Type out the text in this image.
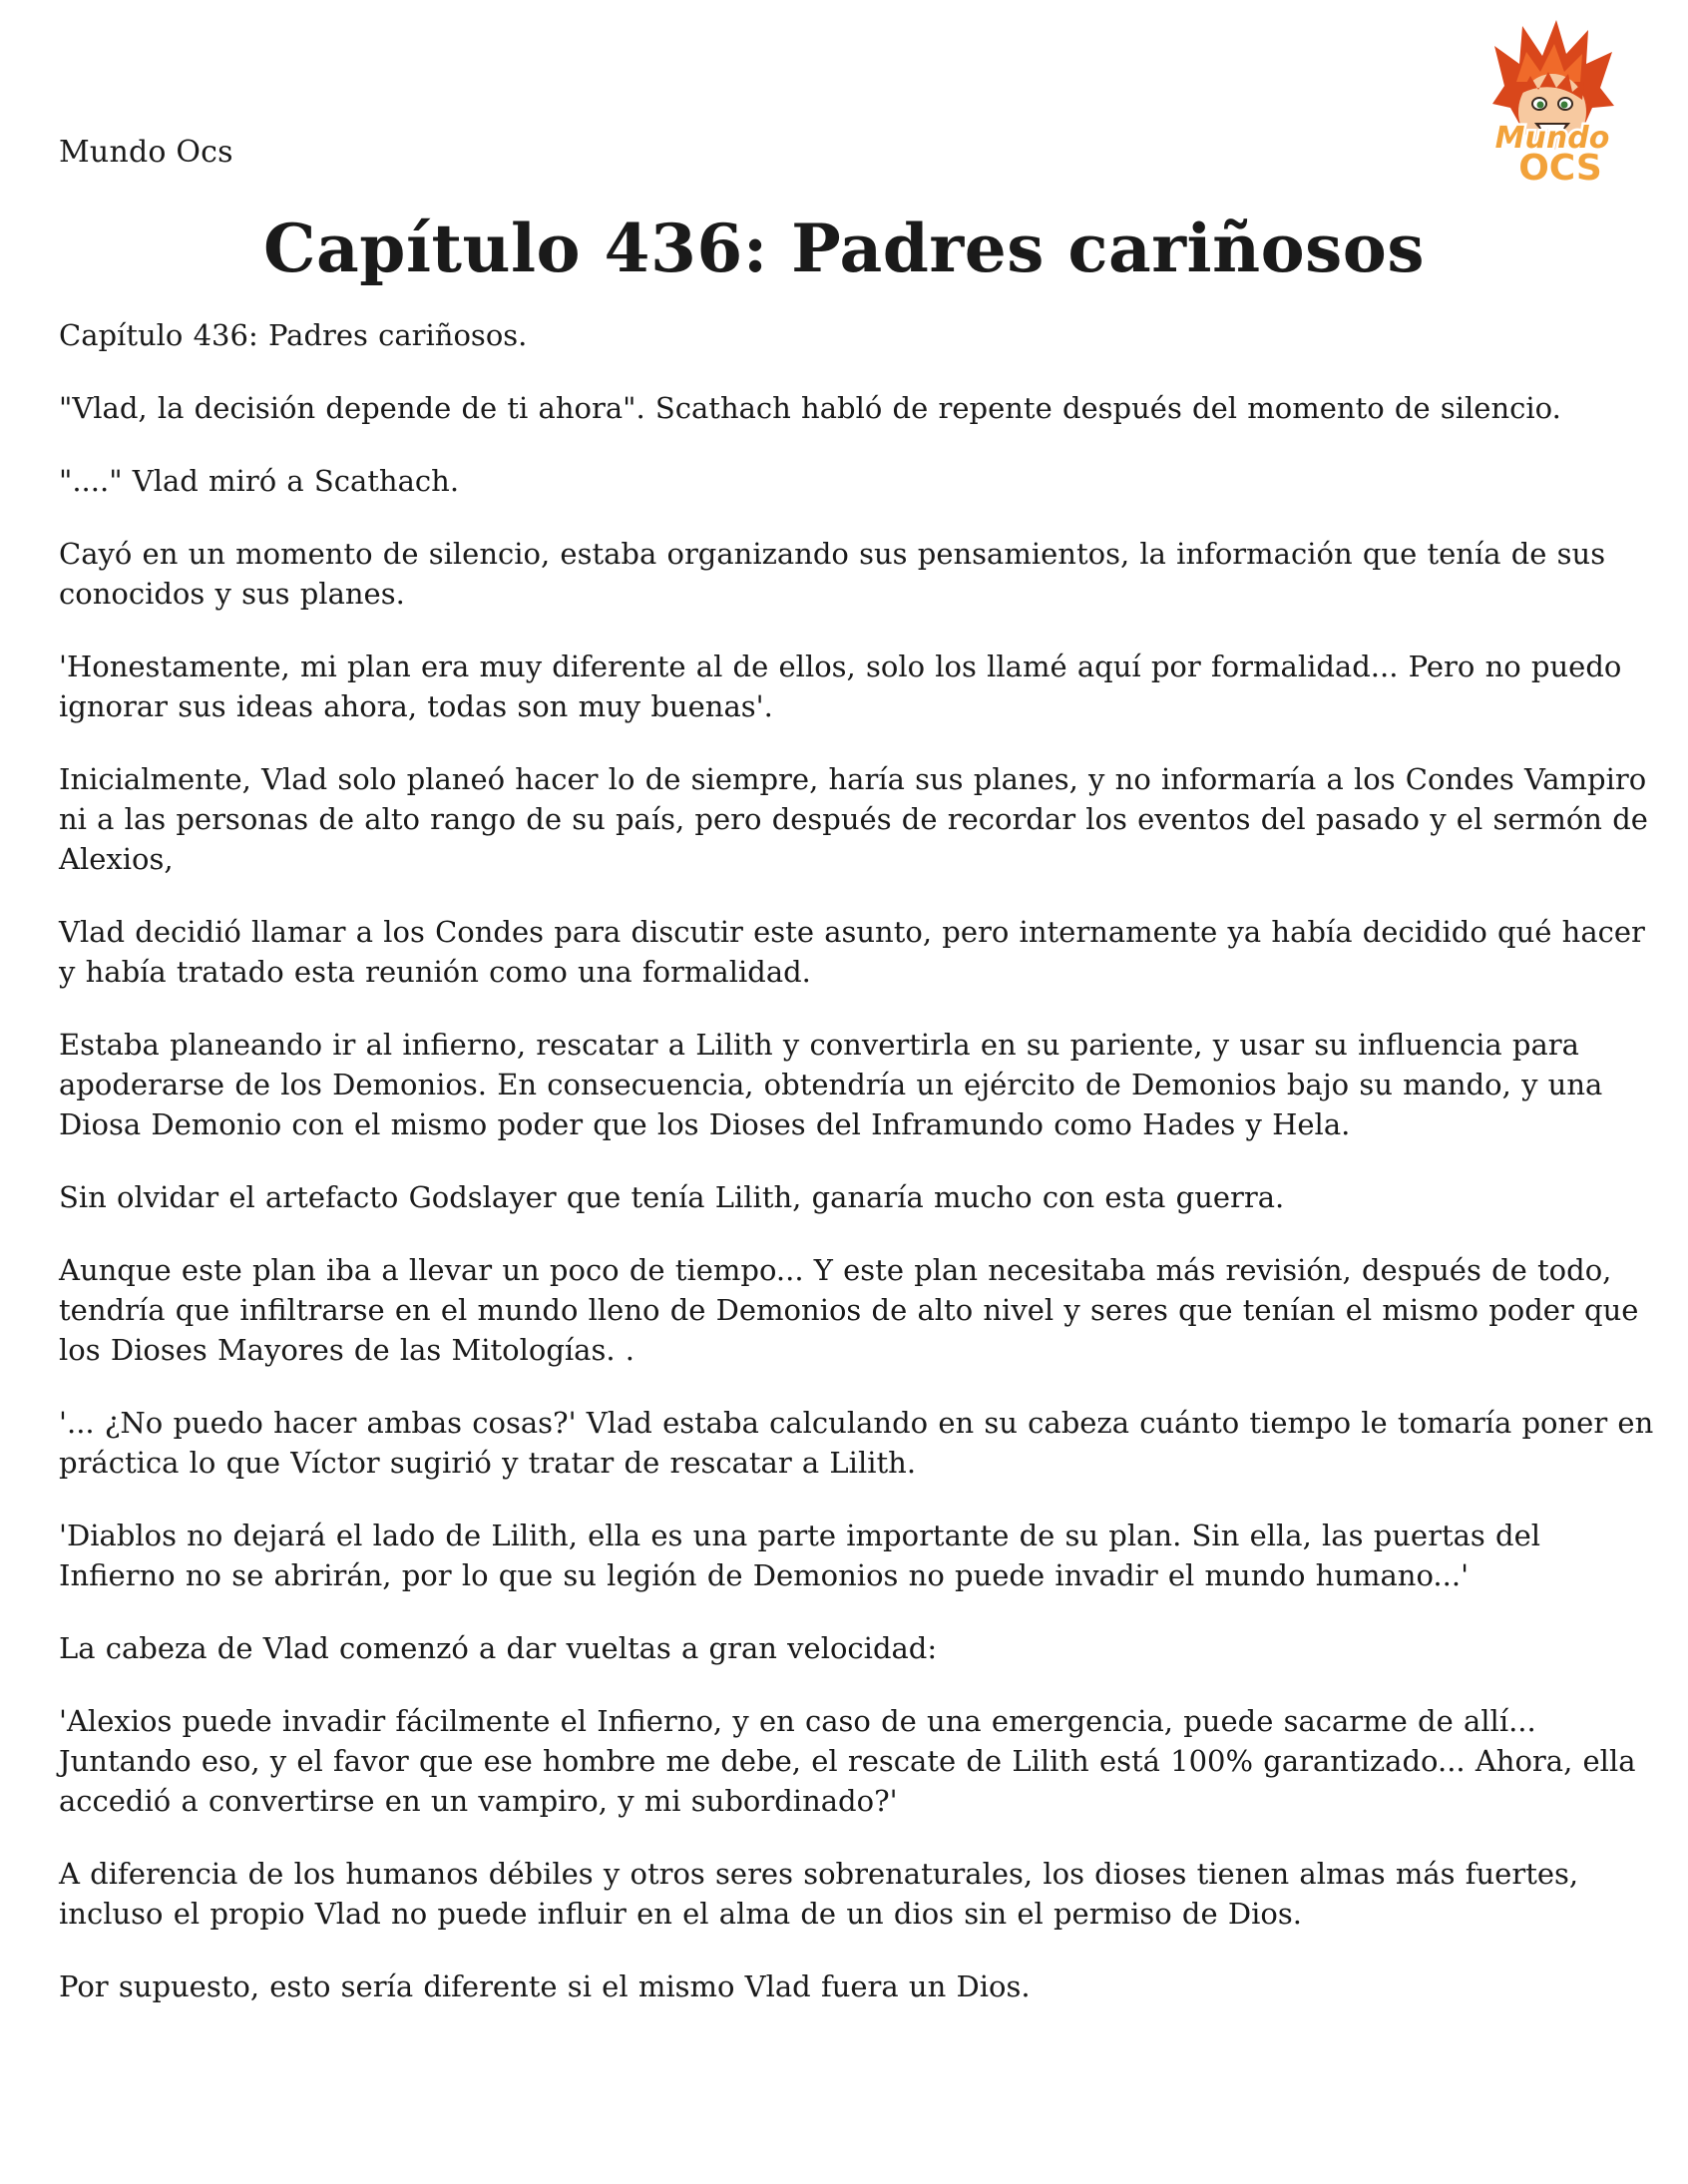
Mundo Ocs	Mundo
OCS
Capítulo 436: Padres cariñosos

Capítulo 436: Padres cariñosos.

"Vlad, la decisión depende de ti ahora". Scathach habló de repente después del momento de silencio.

"...." Vlad miró a Scathach.

Cayó en un momento de silencio, estaba organizando sus pensamientos, la información que tenía de sus conocidos y sus planes.

'Honestamente, mi plan era muy diferente al de ellos, solo los llamé aquí por formalidad... Pero no puedo ignorar sus ideas ahora, todas son muy buenas'.

Inicialmente, Vlad solo planeó hacer lo de siempre, haría sus planes, y no informaría a los Condes Vampiro ni a las personas de alto rango de su país, pero después de recordar los eventos del pasado y el sermón de Alexios,

Vlad decidió llamar a los Condes para discutir este asunto, pero internamente ya había decidido qué hacer y había tratado esta reunión como una formalidad.

Estaba planeando ir al infierno, rescatar a Lilith y convertirla en su pariente, y usar su influencia para apoderarse de los Demonios. En consecuencia, obtendría un ejército de Demonios bajo su mando, y una Diosa Demonio con el mismo poder que los Dioses del Inframundo como Hades y Hela.

Sin olvidar el artefacto Godslayer que tenía Lilith, ganaría mucho con esta guerra.

Aunque este plan iba a llevar un poco de tiempo... Y este plan necesitaba más revisión, después de todo, tendría que infiltrarse en el mundo lleno de Demonios de alto nivel y seres que tenían el mismo poder que los Dioses Mayores de las Mitologías. .

'... ¿No puedo hacer ambas cosas?' Vlad estaba calculando en su cabeza cuánto tiempo le tomaría poner en práctica lo que Víctor sugirió y tratar de rescatar a Lilith.

'Diablos no dejará el lado de Lilith, ella es una parte importante de su plan. Sin ella, las puertas del Infierno no se abrirán, por lo que su legión de Demonios no puede invadir el mundo humano...'

La cabeza de Vlad comenzó a dar vueltas a gran velocidad:

'Alexios puede invadir fácilmente el Infierno, y en caso de una emergencia, puede sacarme de allí... Juntando eso, y el favor que ese hombre me debe, el rescate de Lilith está 100% garantizado... Ahora, ella accedió a convertirse en un vampiro, y mi subordinado?'

A diferencia de los humanos débiles y otros seres sobrenaturales, los dioses tienen almas más fuertes, incluso el propio Vlad no puede influir en el alma de un dios sin el permiso de Dios.

Por supuesto, esto sería diferente si el mismo Vlad fuera un Dios.
